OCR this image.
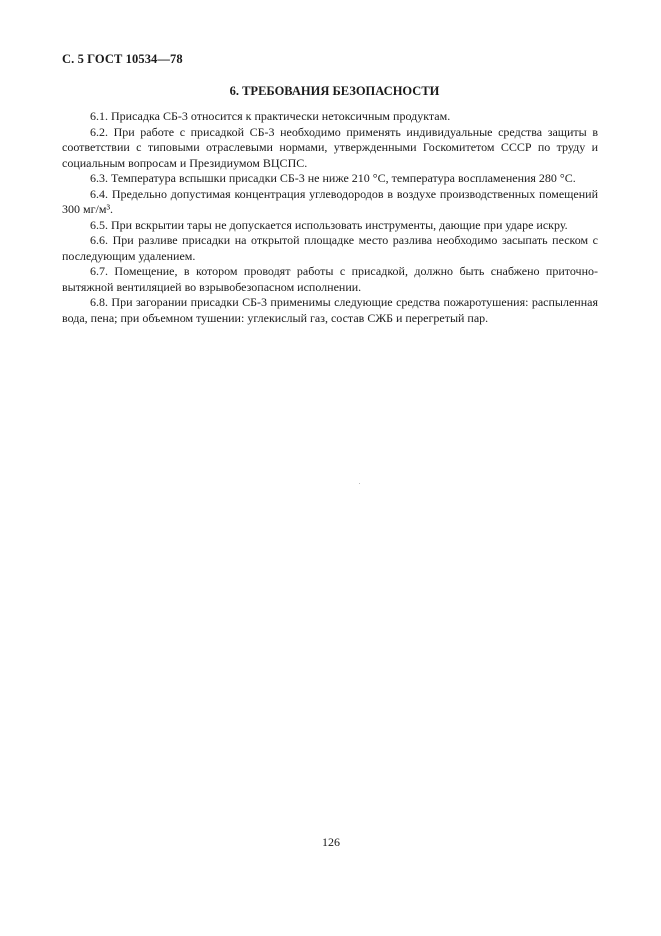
С. 5 ГОСТ 10534—78
6. ТРЕБОВАНИЯ БЕЗОПАСНОСТИ

6.1. Присадка СБ-3 относится к практически нетоксичным продуктам.

6.2. При работе с присадкой СБ-3 необходимо применять индивидуальные средства защиты в соответствии с типовыми отраслевыми нормами, утвержденными Госкомитетом СССР по труду и социальным вопросам и Президиумом ВЦСПС.

6.3. Температура вспышки присадки СБ-3 не ниже 210 °С, температура воспламенения 280 °С.

6.4. Предельно допустимая концентрация углеводородов в воздухе производственных помещений 300 мг/м³.

6.5. При вскрытии тары не допускается использовать инструменты, дающие при ударе искру.

6.6. При разливе присадки на открытой площадке место разлива необходимо засыпать песком с последующим удалением.

6.7. Помещение, в котором проводят работы с присадкой, должно быть снабжено приточно-вытяжной вентиляцией во взрывобезопасном исполнении.

6.8. При загорании присадки СБ-3 применимы следующие средства пожаротушения: распыленная вода, пена; при объемном тушении: углекислый газ, состав СЖБ и перегретый пар.

126
